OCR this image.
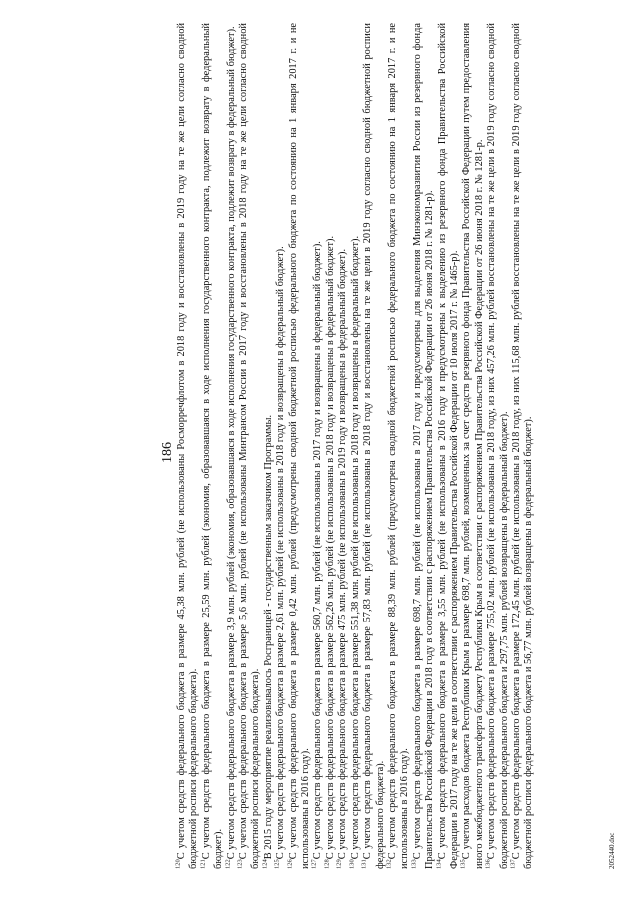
186

$^{120}$С учетом средств федерального бюджета в размере 45,38 млн. рублей (не использованы Росморречфлотом в 2018 году и восстановлены в 2019 году на те же цели согласно сводной бюджетной росписи федерального бюджета). $^{121}$С учетом средств федерального бюджета в размере 25,59 млн. рублей (экономия, образовавшаяся в ходе исполнения государственного контракта, подлежит возврату в федеральный бюджет). $^{122}$С учетом средств федерального бюджета в размере 3,9 млн. рублей (экономия, образовавшаяся в ходе исполнения государственного контракта, подлежит возврату в федеральный бюджет).

$^{123}$С учетом средств федерального бюджета в размере 5,6 млн. рублей (не использованы Минтрансом России в 2017 году и восстановлены в 2018 году на те же цели согласно сводной бюджетной росписи федерального бюджета). $^{124}$В 2015 году мероприятие реализовывалось Росграницей - государственным заказчиком Программы.

$^{125}$С учетом средств федерального бюджета в размере 2,61 млн. рублей (не использованы в 2018 году и возвращены в федеральный бюджет).

$^{126}$С учетом средств федерального бюджета в размере 0,42 млн. рублей (предусмотрены сводной бюджетной росписью федерального бюджета по состоянию на 1 января 2017 г. и не использованы в 2016 году). $^{127}$С учетом средств федерального бюджета в размере 560,7 млн. рублей (не использованы в 2017 году и возвращены в федеральный бюджет).

$^{128}$С учетом средств федерального бюджета в размере 562,26 млн. рублей (не использованы в 2018 году и возвращены в федеральный бюджет).

$^{129}$С учетом средств федерального бюджета в размере 475 млн. рублей (не использованы в 2019 году и возвращены в федеральный бюджет).

$^{130}$С учетом средств федерального бюджета в размере 551,38 млн. рублей (не использованы в 2018 году и возвращены в федеральный бюджет).

$^{131}$С учетом средств федерального бюджета в размере 57,83 млн. рублей (не использованы в 2018 году и восстановлены на те же цели в 2019 году согласно сводной бюджетной росписи федерального бюджета). $^{132}$С учетом средств федерального бюджета в размере 88,39 млн. рублей (предусмотрена сводной бюджетной росписью федерального бюджета по состоянию на 1 января 2017 г. и не использованы в 2016 году). $^{133}$С учетом средств федерального бюджета в размере 698,7 млн. рублей (не использованы в 2017 году и предусмотрены для выделения Минэкономразвития России из резервного фонда Правительства Российской Федерации в 2018 году в соответствии с распоряжением Правительства Российской Федерации от 26 июня 2018 г. № 1281-р). $^{134}$С учетом средств федерального бюджета в размере 3,55 млн. рублей (не использованы в 2016 году и предусмотрены к выделению из резервного фонда Правительства Российской Федерации в 2017 году на те же цели в соответствии с распоряжением Правительства Российской Федерации от 10 июля 2017 г. № 1465-р). $^{135}$С учетом расходов бюджета Республики Крым в размере 698,7 млн. рублей, возмещенных за счет средств резервного фонда Правительства Российской Федерации путем предоставления иного межбюджетного трансферта бюджету Республики Крым в соответствии с распоряжением Правительства Российской Федерации от 26 июня 2018 г. № 1281-р. $^{136}$С учетом средств федерального бюджета в размере 755,02 млн. рублей (не использованы в 2018 году, из них 457,26 млн. рублей восстановлены на те же цели в 2019 году согласно сводной бюджетной росписи федерального бюджета и 297,75 млн. рублей возвращены в федеральный бюджет). $^{137}$С учетом средств федерального бюджета в размере 172,45 млн. рублей (не использованы в 2018 году, из них 115,68 млн. рублей восстановлены на те же цели в 2019 году согласно сводной бюджетной росписи федерального бюджета и 56,77 млн. рублей возвращены в федеральный бюджет).	2052440.doc
